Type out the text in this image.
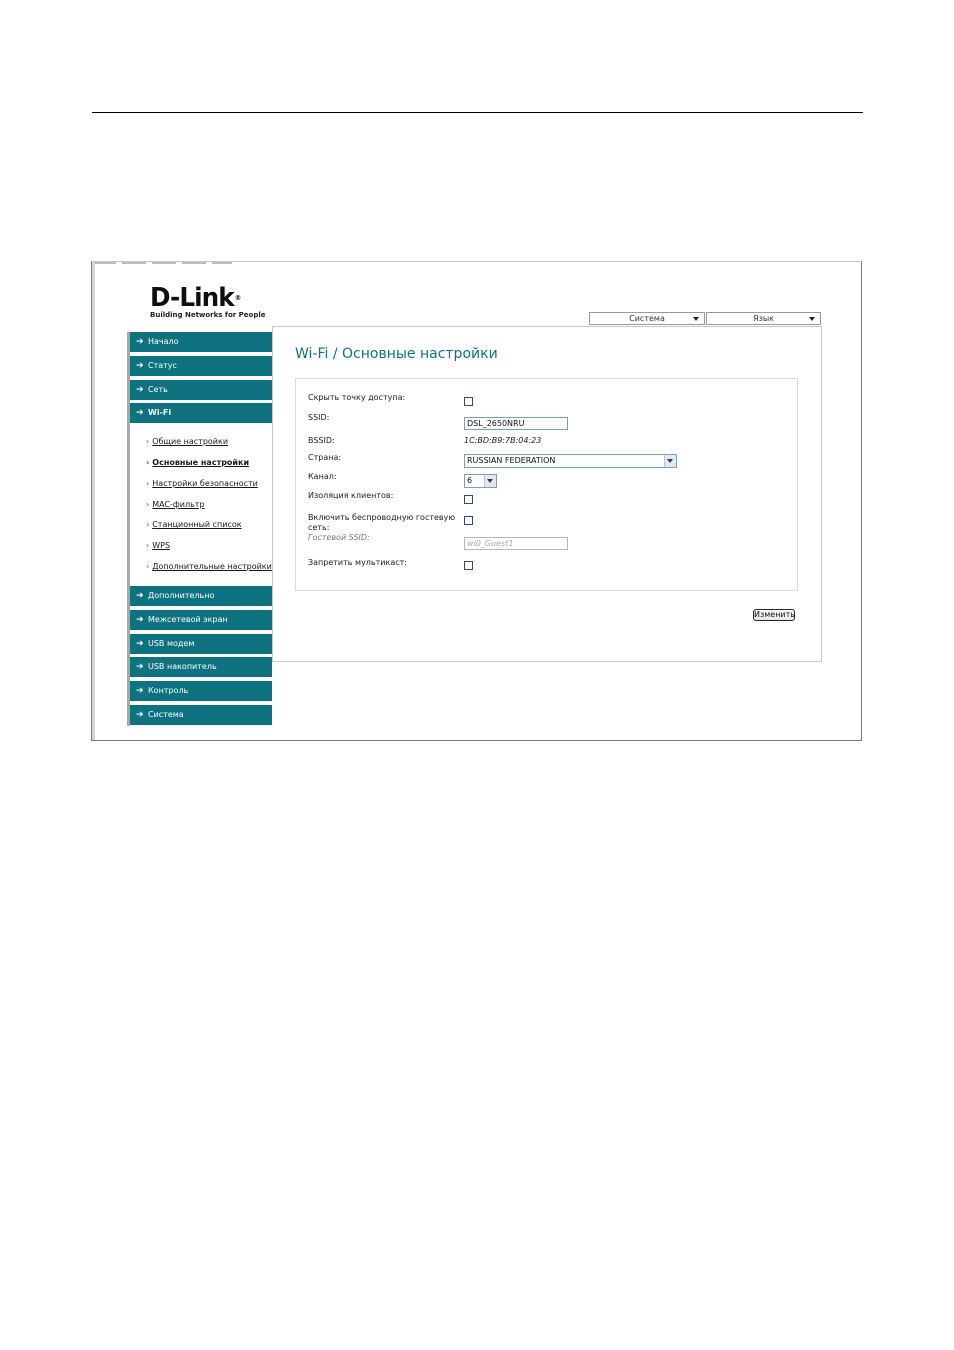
D-Link®
Building Networks for People	Система	Язык
➔ Начало
➔ Статус
➔ Сеть
➔ Wi-Fi
› Общие настройки
› Основные настройки
› Настройки безопасности
› MAC-фильтр
› Станционный список
› WPS
› Дополнительные настройки
➔ Дополнительно
➔ Межсетевой экран
➔ USB модем
➔ USB накопитель
➔ Контроль
➔ Система
Wi-Fi / Основные настройки
Скрыть точку доступа:
SSID:
DSL_2650NRU
BSSID:	1C:BD:B9:7B:04:23
Страна:	RUSSIAN FEDERATION
Канал:	6
Изоляция клиентов:
Включить беспроводную гостевую
сеть:
Гостевой SSID:
wl0_Guest1
Запретить мультикаст:
Изменить
